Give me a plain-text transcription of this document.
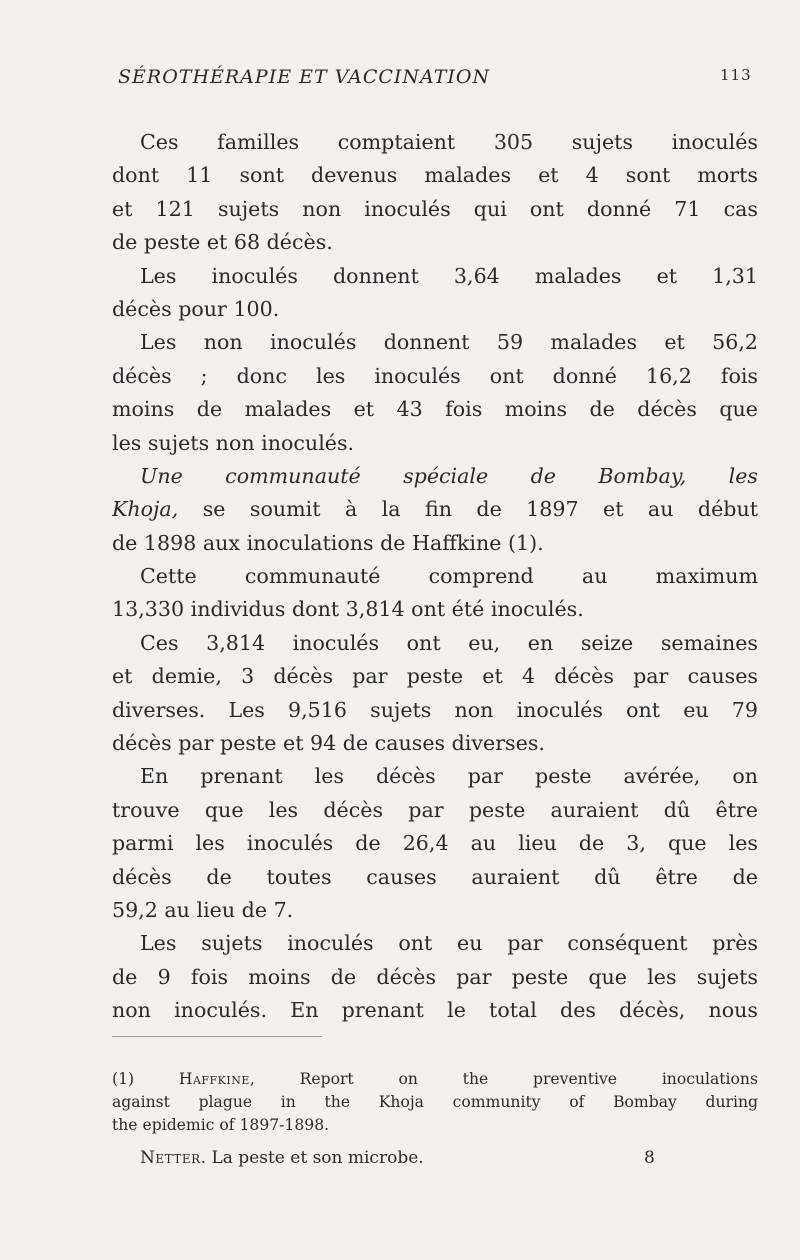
SÉROTHÉRAPIE ET VACCINATION	113
Ces familles comptaient 305 sujets inoculés
dont 11 sont devenus malades et 4 sont morts
et 121 sujets non inoculés qui ont donné 71 cas
de peste et 68 décès.
Les inoculés donnent 3,64 malades et 1,31
décès pour 100.
Les non inoculés donnent 59 malades et 56,2
décès ; donc les inoculés ont donné 16,2 fois
moins de malades et 43 fois moins de décès que
les sujets non inoculés.
Une communauté spéciale de Bombay, les
Khoja, se soumit à la fin de 1897 et au début
de 1898 aux inoculations de Haffkine (1).
Cette communauté comprend au maximum
13,330 individus dont 3,814 ont été inoculés.
Ces 3,814 inoculés ont eu, en seize semaines
et demie, 3 décès par peste et 4 décès par causes
diverses. Les 9,516 sujets non inoculés ont eu 79
décès par peste et 94 de causes diverses.
En prenant les décès par peste avérée, on
trouve que les décès par peste auraient dû être
parmi les inoculés de 26,4 au lieu de 3, que les
décès de toutes causes auraient dû être de
59,2 au lieu de 7.
Les sujets inoculés ont eu par conséquent près
de 9 fois moins de décès par peste que les sujets
non inoculés. En prenant le total des décès, nous
(1)	Haffkine, Report on the preventive inoculations
against plague in the Khoja community of Bombay during
the epidemic of 1897-1898.
Netter. La peste et son microbe.	8
